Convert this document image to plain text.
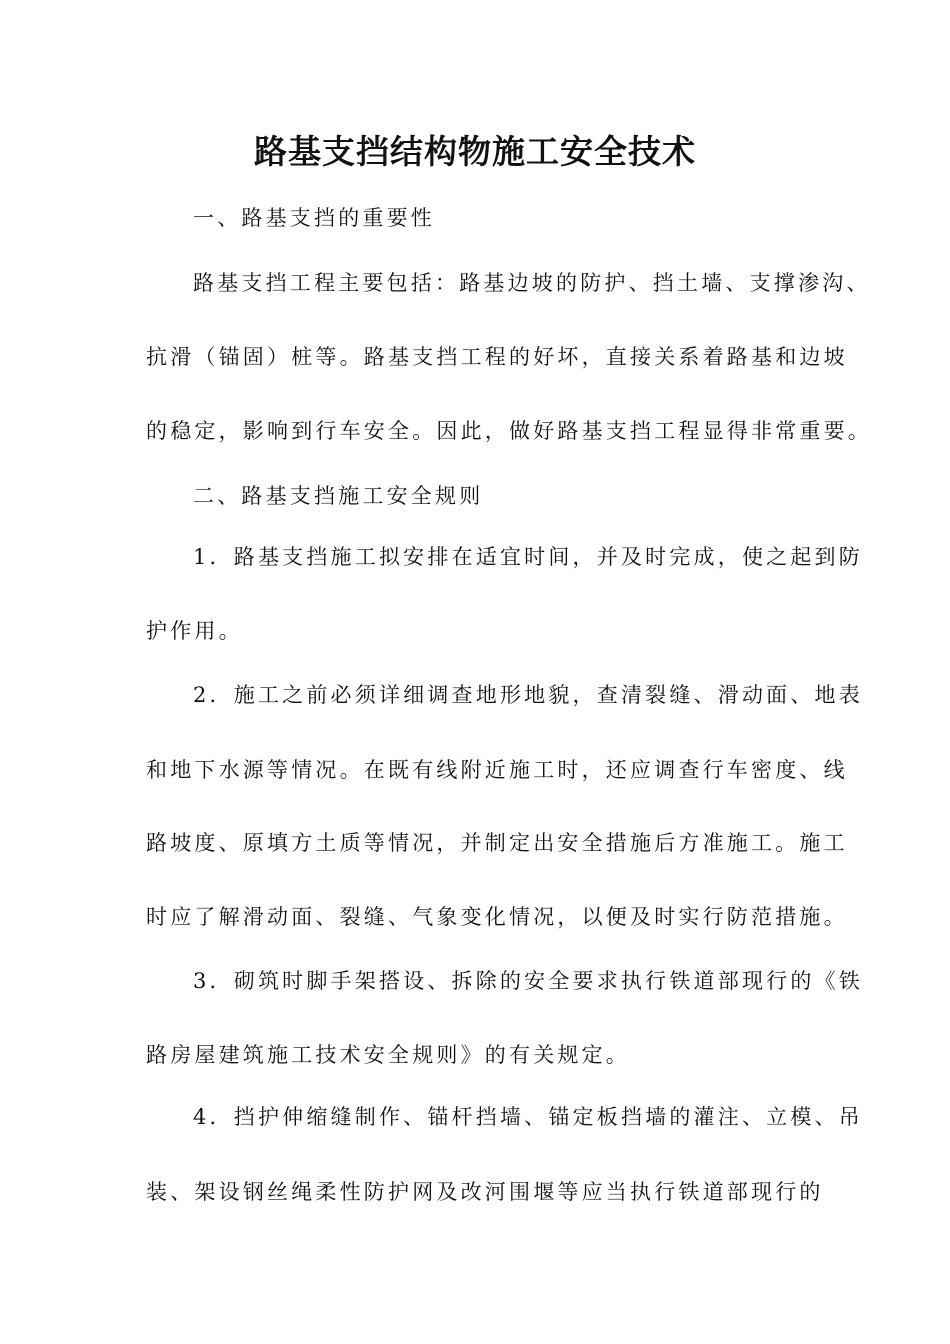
路基支挡结构物施工安全技术

一、路基支挡的重要性

路基支挡工程主要包括：路基边坡的防护、挡土墙、支撑渗沟、

抗滑（锚固）桩等。路基支挡工程的好坏，直接关系着路基和边坡

的稳定，影响到行车安全。因此，做好路基支挡工程显得非常重要。

二、路基支挡施工安全规则

1．路基支挡施工拟安排在适宜时间，并及时完成，使之起到防

护作用。

2．施工之前必须详细调查地形地貌，查清裂缝、滑动面、地表

和地下水源等情况。在既有线附近施工时，还应调查行车密度、线

路坡度、原填方土质等情况，并制定出安全措施后方准施工。施工

时应了解滑动面、裂缝、气象变化情况，以便及时实行防范措施。

3．砌筑时脚手架搭设、拆除的安全要求执行铁道部现行的《铁

路房屋建筑施工技术安全规则》的有关规定。

4．挡护伸缩缝制作、锚杆挡墙、锚定板挡墙的灌注、立模、吊

装、架设钢丝绳柔性防护网及改河围堰等应当执行铁道部现行的
